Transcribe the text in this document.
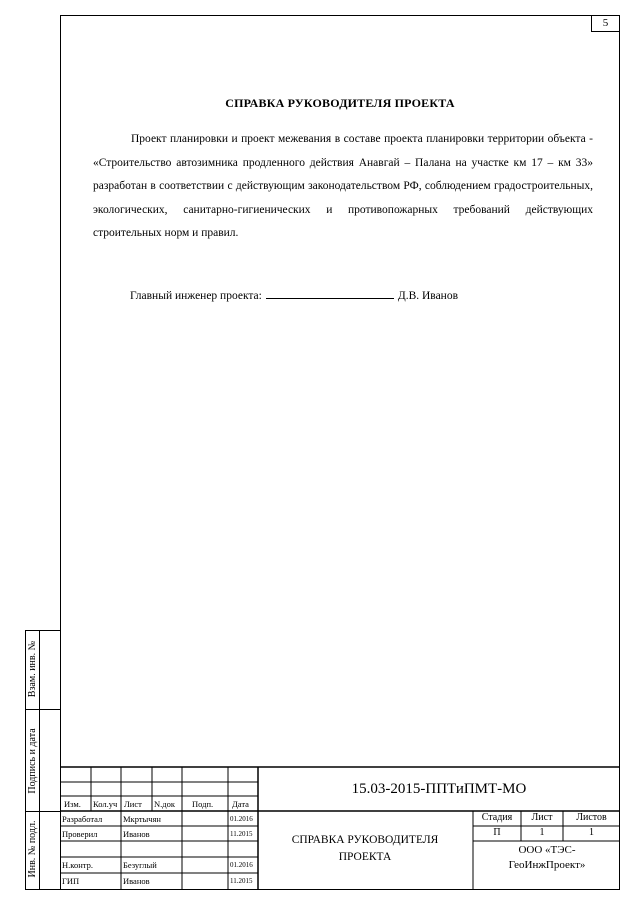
5
СПРАВКА РУКОВОДИТЕЛЯ ПРОЕКТА
Проект планировки и проект межевания в составе проекта планировки территории объекта - «Строительство автозимника продленного действия Анавгай – Палана на участке км 17 – км 33» разработан в соответствии с действующим законодательством РФ, соблюдением градостроительных, экологических, санитарно-гигиенических и противопожарных требований действующих строительных норм и правил.
Главный инженер проекта:	Д.В. Иванов
Взам. инв. №
Подпись и дата
Инв. № подл.
Изм. Кол.уч Лист N.док Подп. Дата
Разработал Мкртычян	01.2016
Проверил	Иванов	11.2015
Н.контр.	Безуглый	01.2016
ГИП	Иванов	11.2015
15.03-2015-ППТиПМТ-МО
СПРАВКА РУКОВОДИТЕЛЯ ПРОЕКТА
Стадия	Лист	Листов
П	1	1
ООО «ТЭС-ГеоИнжПроект»
